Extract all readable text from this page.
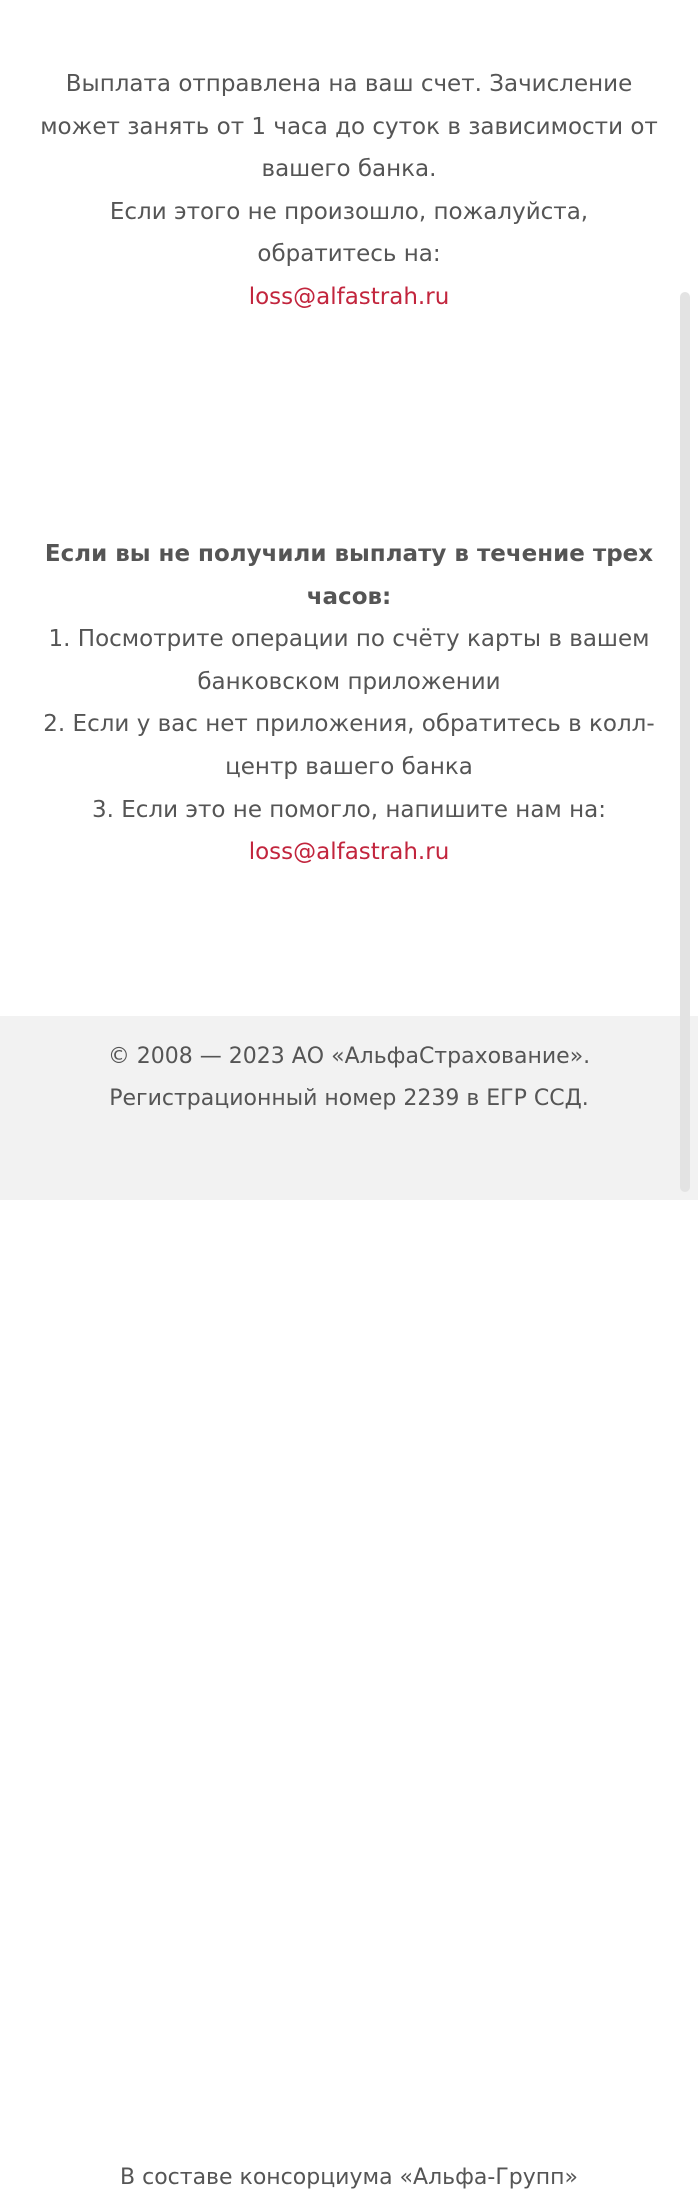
Выплата отправлена на ваш счет. Зачисление

может занять от 1 часа до суток в зависимости от

вашего банка.

Если этого не произошло, пожалуйста,

обратитесь на:

loss@alfastrah.ru

Если вы не получили выплату в течение трех

часов:

1. Посмотрите операции по счёту карты в вашем

банковском приложении

2. Если у вас нет приложения, обратитесь в колл-

центр вашего банка

3. Если это не помогло, напишите нам на:

loss@alfastrah.ru

© 2008 — 2023 АО «АльфаСтрахование».
Регистрационный номер 2239 в ЕГР ССД.
В составе консорциума «Альфа-Групп»
